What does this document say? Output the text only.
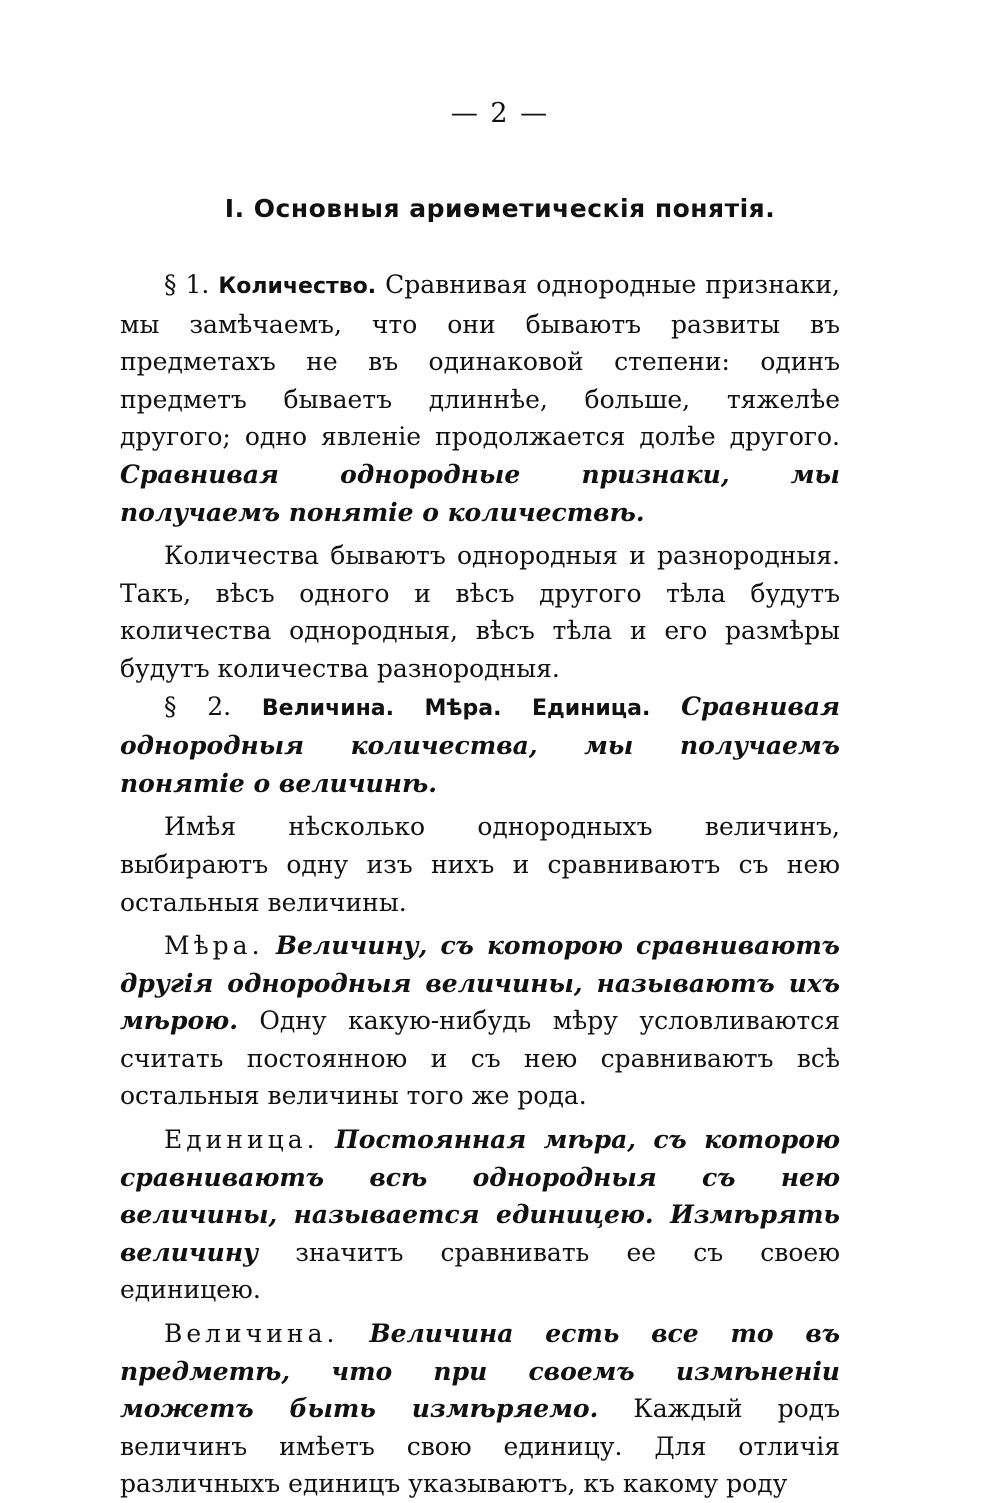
— 2 —
I. Основныя ариѳметическія понятія.

§ 1. Количество. Сравнивая однородные признаки, мы замѣчаемъ, что они бываютъ развиты въ предметахъ не въ одинаковой степени: одинъ предметъ бываетъ длиннѣе, больше, тяжелѣе другого; одно явленіе продолжается долѣе другого. Сравнивая однородные признаки, мы получаемъ понятіе о количествѣ.

Количества бываютъ однородныя и разнородныя. Такъ, вѣсъ одного и вѣсъ другого тѣла будутъ количества однородныя, вѣсъ тѣла и его размѣры будутъ количества разнородныя.

§ 2. Величина. Мѣра. Единица. Сравнивая однородныя количества, мы получаемъ понятіе о величинѣ.

Имѣя нѣсколько однородныхъ величинъ, выбираютъ одну изъ нихъ и сравниваютъ съ нею остальныя величины.

Мѣра. Величину, съ которою сравниваютъ другія однородныя величины, называютъ ихъ мѣрою. Одну какую-нибудь мѣру условливаются считать постоянною и съ нею сравниваютъ всѣ остальныя величины того же рода.

Единица. Постоянная мѣра, съ которою сравниваютъ всѣ однородныя съ нею величины, называется единицею. Измѣрять величину значитъ сравнивать ее съ своею единицею.

Величина. Величина есть все то въ предметѣ, что при своемъ измѣненіи можетъ быть измѣряемо. Каждый родъ величинъ имѣетъ свою единицу. Для отличія различныхъ единицъ указываютъ, къ какому роду
